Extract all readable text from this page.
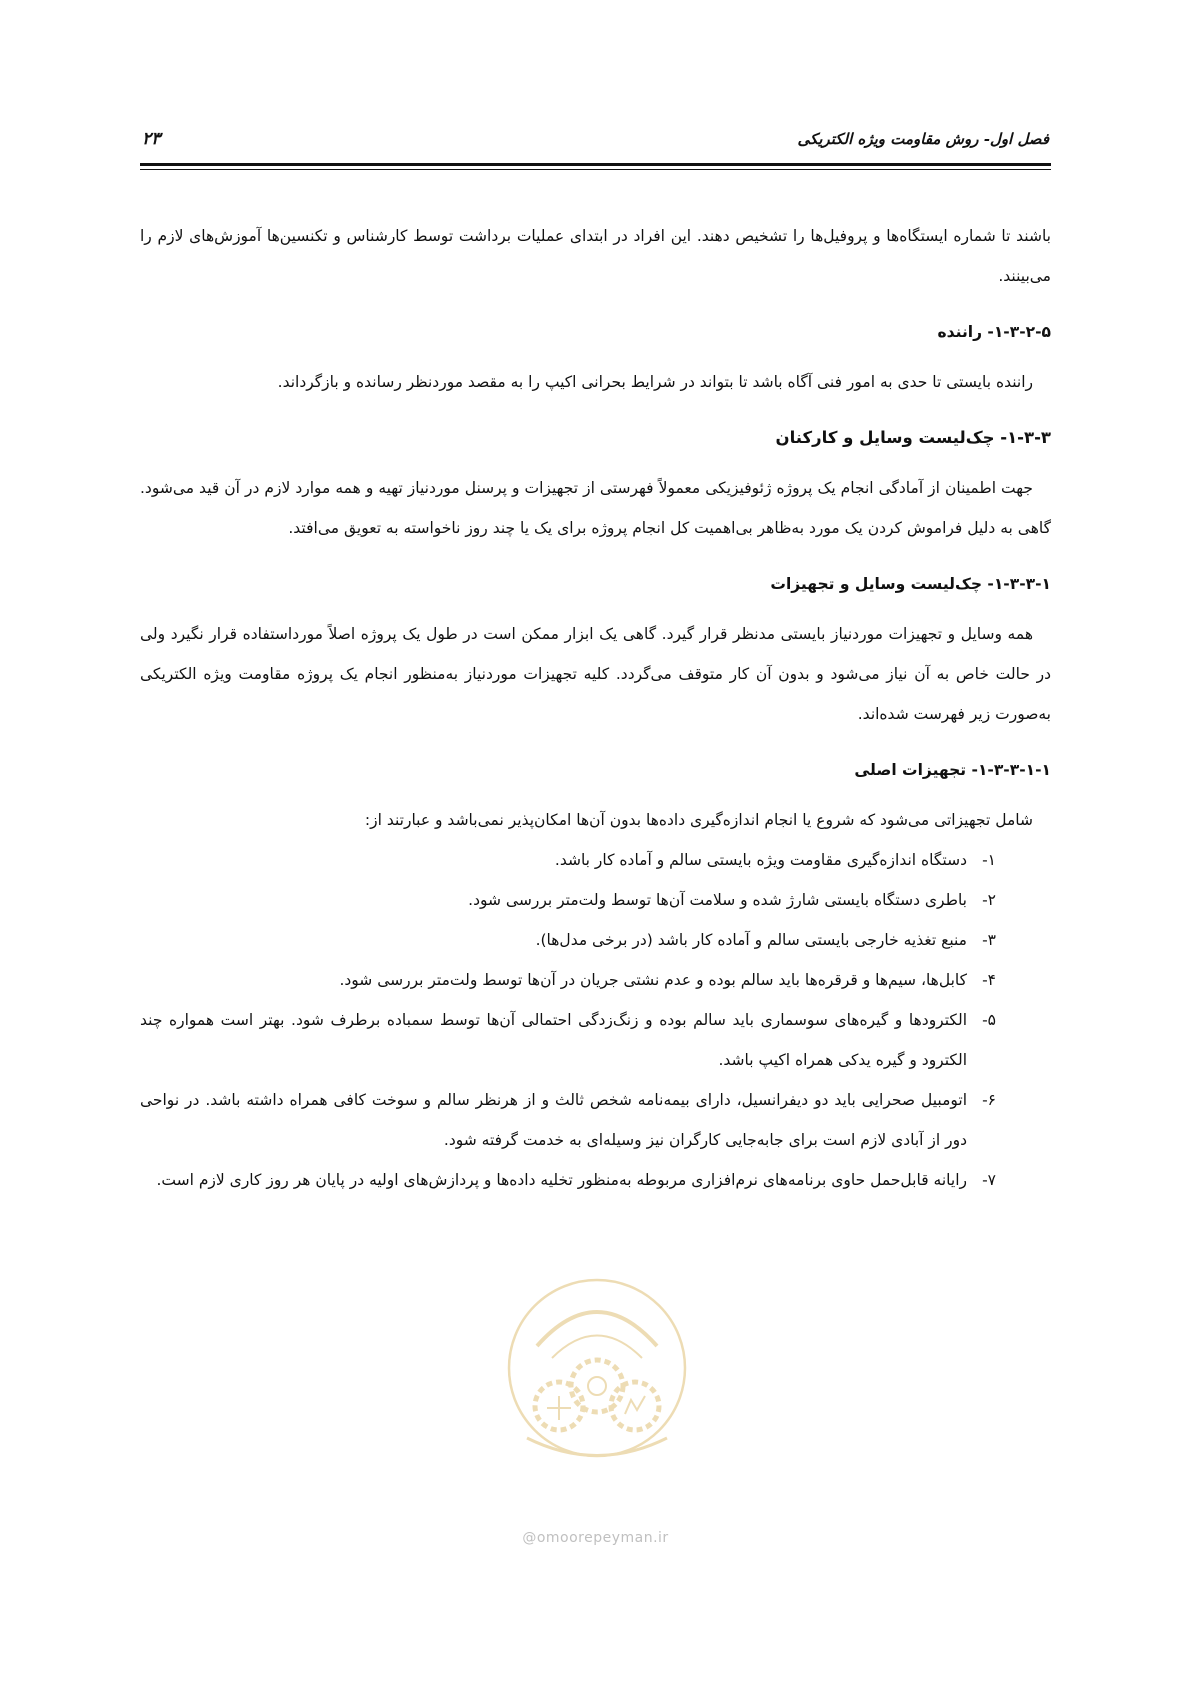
فصل اول- روش مقاومت ویژه الکتریکی
۲۳

باشند تا شماره ایستگاه‌ها و پروفیل‌ها را تشخیص دهند. این افراد در ابتدای عملیات برداشت توسط کارشناس و تکنسین‌ها آموزش‌های لازم را می‌بینند.

۱-۳-۲-۵- راننده

راننده بایستی تا حدی به امور فنی آگاه باشد تا بتواند در شرایط بحرانی اکیپ را به مقصد موردنظر رسانده و بازگرداند.

۱-۳-۳- چک‌لیست وسایل و کارکنان

جهت اطمینان از آمادگی انجام یک پروژه ژئوفیزیکی معمولاً فهرستی از تجهیزات و پرسنل موردنیاز تهیه و همه موارد لازم در آن قید می‌شود. گاهی به دلیل فراموش کردن یک مورد به‌ظاهر بی‌اهمیت کل انجام پروژه برای یک یا چند روز ناخواسته به تعویق می‌افتد.

۱-۳-۳-۱- چک‌لیست وسایل و تجهیزات

همه وسایل و تجهیزات موردنیاز بایستی مدنظر قرار گیرد. گاهی یک ابزار ممکن است در طول یک پروژه اصلاً مورداستفاده قرار نگیرد ولی در حالت خاص به آن نیاز می‌شود و بدون آن کار متوقف می‌گردد. کلیه تجهیزات موردنیاز به‌منظور انجام یک پروژه مقاومت ویژه الکتریکی به‌صورت زیر فهرست شده‌اند.

۱-۳-۳-۱-۱- تجهیزات اصلی

شامل تجهیزاتی می‌شود که شروع یا انجام اندازه‌گیری داده‌ها بدون آن‌ها امکان‌پذیر نمی‌باشد و عبارتند از:

۱-
دستگاه اندازه‌گیری مقاومت ویژه بایستی سالم و آماده کار باشد.
۲-
باطری دستگاه بایستی شارژ شده و سلامت آن‌ها توسط ولت‌متر بررسی شود.
۳-
منبع تغذیه خارجی بایستی سالم و آماده کار باشد (در برخی مدل‌ها).
۴-
کابل‌ها، سیم‌ها و قرقره‌ها باید سالم بوده و عدم نشتی جریان در آن‌ها توسط ولت‌متر بررسی شود.
۵-
الکترودها و گیره‌های سوسماری باید سالم بوده و زنگ‌زدگی احتمالی آن‌ها توسط سمباده برطرف شود. بهتر است همواره چند الکترود و گیره یدکی همراه اکیپ باشد.
۶-
اتومبیل صحرایی باید دو دیفرانسیل، دارای بیمه‌نامه شخص ثالث و از هرنظر سالم و سوخت کافی همراه داشته باشد. در نواحی دور از آبادی لازم است برای جابه‌جایی کارگران نیز وسیله‌ای به خدمت گرفته شود.
۷-
رایانه قابل‌حمل حاوی برنامه‌های نرم‌افزاری مربوطه به‌منظور تخلیه داده‌ها و پردازش‌های اولیه در پایان هر روز کاری لازم است.
@omoorepeyman.ir
